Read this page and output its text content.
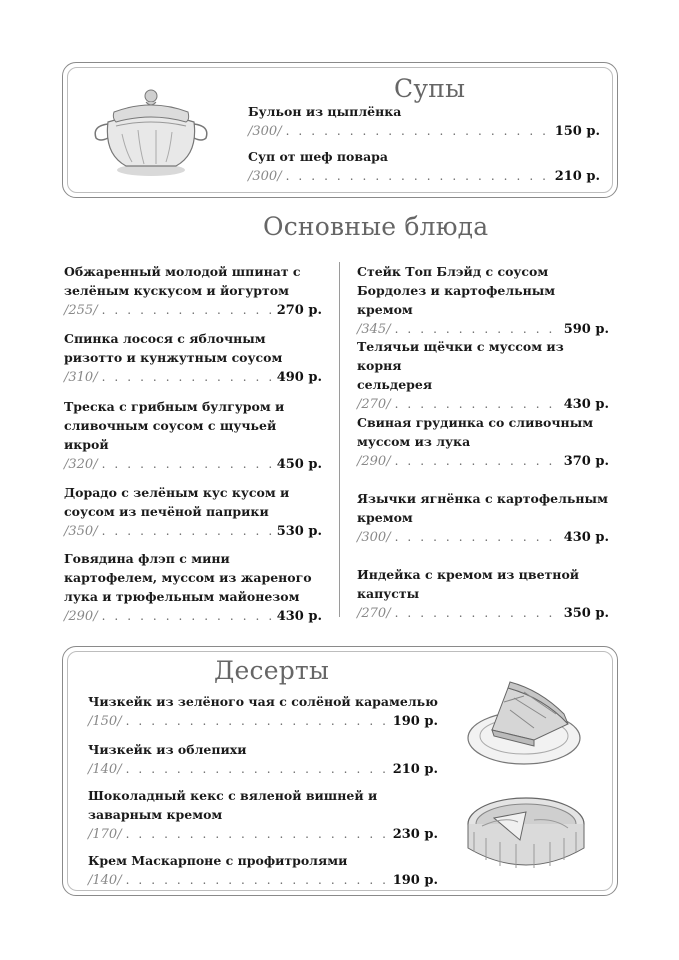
Супы
Бульон из цыплёнка
/300/ . . .	150 р.
Суп от шеф повара
/300/ . . .	210 р.
Основные блюда
Обжаренный молодой шпинат с
зелёным кускусом и йогуртом
/255/ . . .	270 р.
Спинка лосося с яблочным
ризотто и кунжутным соусом
/310/ . . .	490 р.
Треска с грибным булгуром и
сливочным соусом с щучьей
икрой
/320/ . . .	450 р.
Дорадо с зелёным кус кусом и
соусом из печёной паприки
/350/ . . .	530 р.
Говядина флэп с мини
картофелем, муссом из жареного
лука и трюфельным майонезом
/290/ . . .	430 р.
Стейк Топ Блэйд с соусом
Бордолез и картофельным кремом
/345/ . . .	590 р.
Телячьи щёчки с муссом из корня
сельдерея
/270/ . . .	430 р.
Свиная грудинка со сливочным
муссом из лука
/290/ . . .	370 р.
Язычки ягнёнка с картофельным
кремом
/300/ . . .	430 р.
Индейка с кремом из цветной
капусты
/270/ . . .	350 р.
Десерты
Чизкейк из зелёного чая с солёной карамелью
/150/ . . .	190 р.
Чизкейк из облепихи
/140/ . . .	210 р.
Шоколадный кекс с вяленой вишней и
заварным кремом
/170/ . . .	230 р.
Крем Маскарпоне с профитролями
/140/ . . .	190 р.
